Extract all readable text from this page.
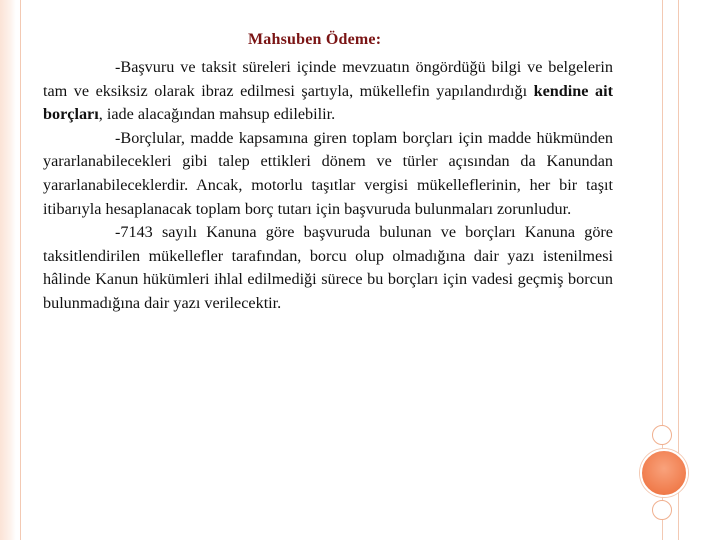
Mahsuben Ödeme:

-Başvuru ve taksit süreleri içinde mevzuatın öngördüğü bilgi ve belgelerin tam ve eksiksiz olarak ibraz edilmesi şartıyla, mükellefin yapılandırdığı kendine ait borçları, iade alacağından mahsup edilebilir.

-Borçlular, madde kapsamına giren toplam borçları için madde hükmünden yararlanabilecekleri gibi talep ettikleri dönem ve türler açısından da Kanundan yararlanabileceklerdir. Ancak, motorlu taşıtlar vergisi mükelleflerinin, her bir taşıt itibarıyla hesaplanacak toplam borç tutarı için başvuruda bulunmaları zorunludur.

-7143 sayılı Kanuna göre başvuruda bulunan ve borçları Kanuna göre taksitlendirilen mükellefler tarafından, borcu olup olmadığına dair yazı istenilmesi hâlinde Kanun hükümleri ihlal edilmediği sürece bu borçları için vadesi geçmiş borcun bulunmadığına dair yazı verilecektir.
